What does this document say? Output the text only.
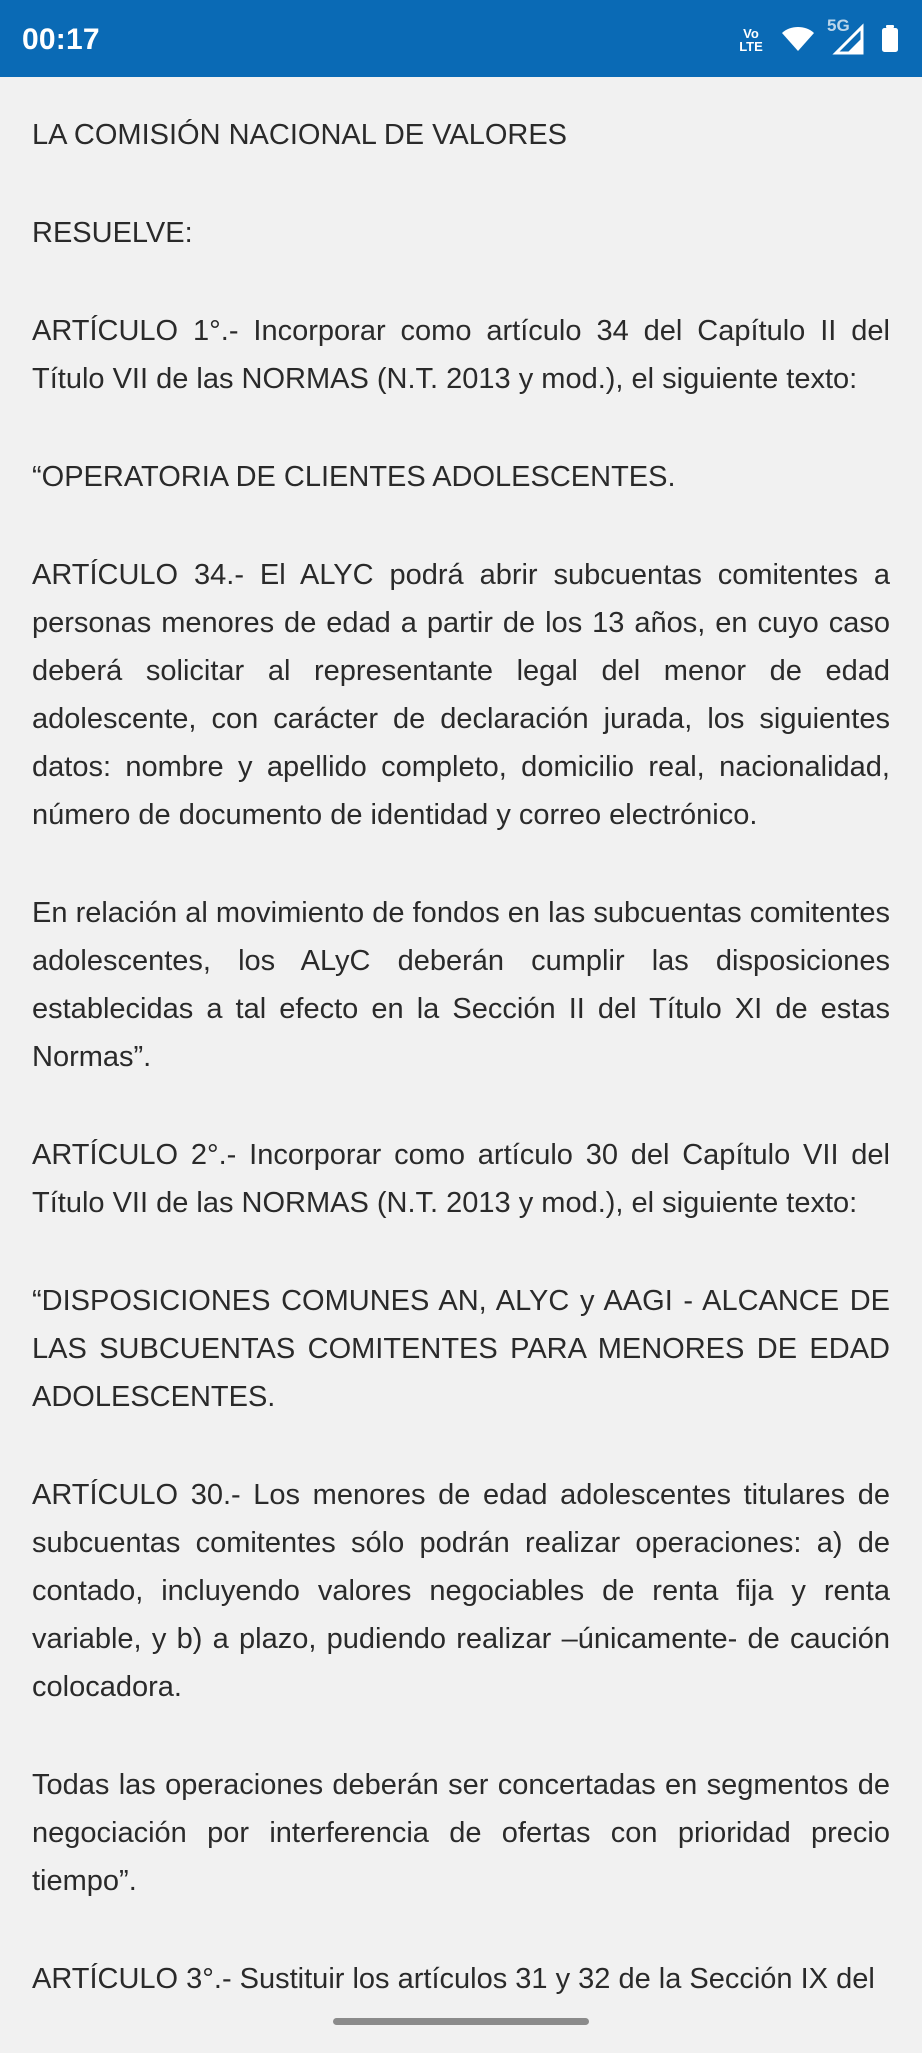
00:17	Vo
LTE
5G

LA COMISIÓN NACIONAL DE VALORES

RESUELVE:

ARTÍCULO 1°.- Incorporar como artículo 34 del Capítulo II del Título VII de las NORMAS (N.T. 2013 y mod.), el siguiente texto:

“OPERATORIA DE CLIENTES ADOLESCENTES.

ARTÍCULO 34.- El ALYC podrá abrir subcuentas comitentes a personas menores de edad a partir de los 13 años, en cuyo caso deberá solicitar al representante legal del menor de edad adolescente, con carácter de declaración jurada, los siguientes datos: nombre y apellido completo, domicilio real, nacionalidad, número de documento de identidad y correo electrónico.

En relación al movimiento de fondos en las subcuentas comitentes adolescentes, los ALyC deberán cumplir las disposiciones establecidas a tal efecto en la Sección II del Título XI de estas Normas”.

ARTÍCULO 2°.- Incorporar como artículo 30 del Capítulo VII del Título VII de las NORMAS (N.T. 2013 y mod.), el siguiente texto:

“DISPOSICIONES COMUNES AN, ALYC y AAGI - ALCANCE DE LAS SUBCUENTAS COMITENTES PARA MENORES DE EDAD ADOLESCENTES.

ARTÍCULO 30.- Los menores de edad adolescentes titulares de subcuentas comitentes sólo podrán realizar operaciones: a) de contado, incluyendo valores negociables de renta fija y renta variable, y b) a plazo, pudiendo realizar –únicamente- de caución colocadora.

Todas las operaciones deberán ser concertadas en segmentos de negociación por interferencia de ofertas con prioridad precio tiempo”.

ARTÍCULO 3°.- Sustituir los artículos 31 y 32 de la Sección IX del
